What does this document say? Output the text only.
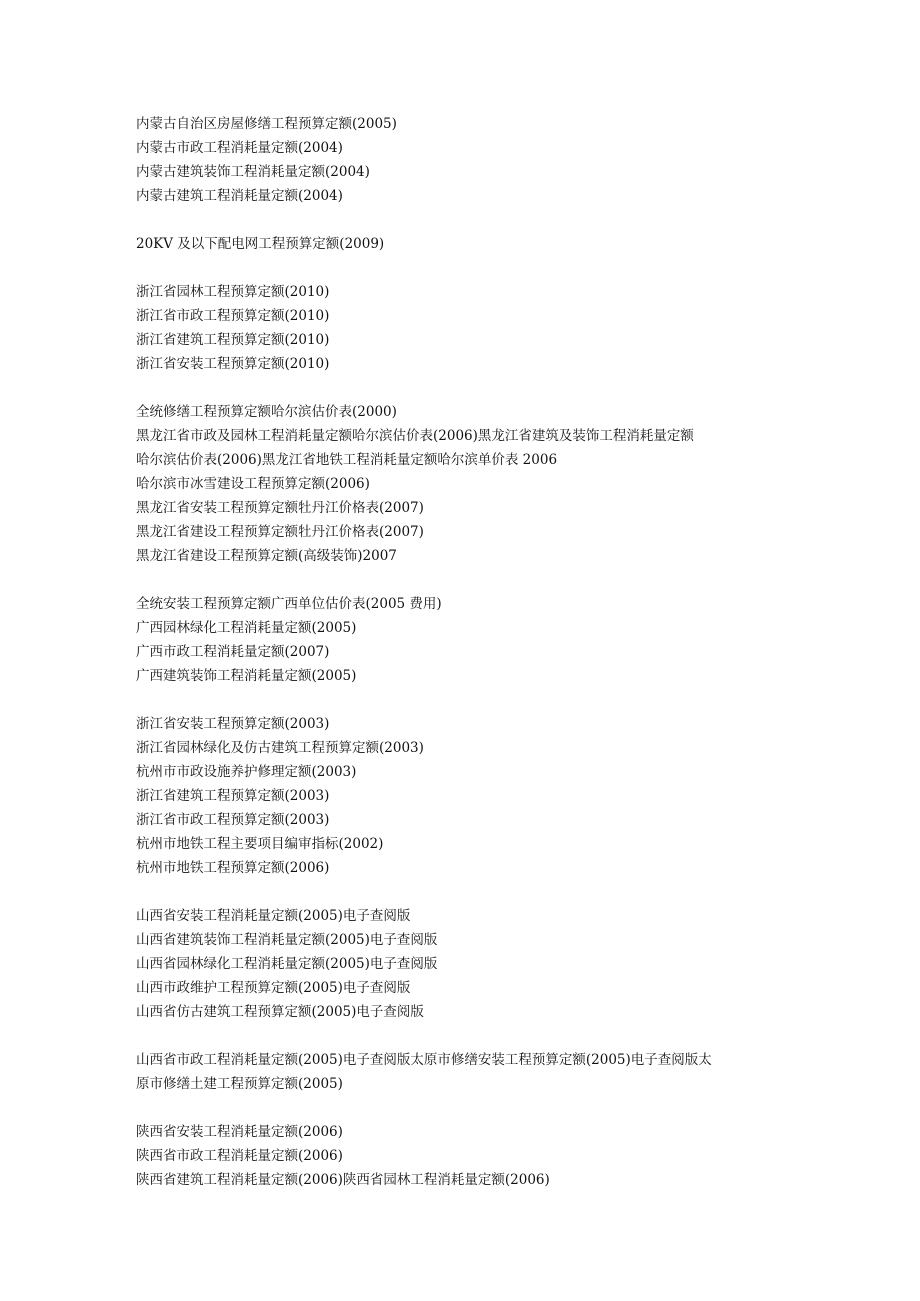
内蒙古自治区房屋修缮工程预算定额(2005)
内蒙古市政工程消耗量定额(2004)
内蒙古建筑装饰工程消耗量定额(2004)
内蒙古建筑工程消耗量定额(2004)
20KV 及以下配电网工程预算定额(2009)
浙江省园林工程预算定额(2010)
浙江省市政工程预算定额(2010)
浙江省建筑工程预算定额(2010)
浙江省安装工程预算定额(2010)
全统修缮工程预算定额哈尔滨估价表(2000)
黑龙江省市政及园林工程消耗量定额哈尔滨估价表(2006)黑龙江省建筑及装饰工程消耗量定额
哈尔滨估价表(2006)黑龙江省地铁工程消耗量定额哈尔滨单价表 2006
哈尔滨市冰雪建设工程预算定额(2006)
黑龙江省安装工程预算定额牡丹江价格表(2007)
黑龙江省建设工程预算定额牡丹江价格表(2007)
黑龙江省建设工程预算定额(高级装饰)2007
全统安装工程预算定额广西单位估价表(2005 费用)
广西园林绿化工程消耗量定额(2005)
广西市政工程消耗量定额(2007)
广西建筑装饰工程消耗量定额(2005)
浙江省安装工程预算定额(2003)
浙江省园林绿化及仿古建筑工程预算定额(2003)
杭州市市政设施养护修理定额(2003)
浙江省建筑工程预算定额(2003)
浙江省市政工程预算定额(2003)
杭州市地铁工程主要项目编审指标(2002)
杭州市地铁工程预算定额(2006)
山西省安装工程消耗量定额(2005)电子查阅版
山西省建筑装饰工程消耗量定额(2005)电子查阅版
山西省园林绿化工程消耗量定额(2005)电子查阅版
山西市政维护工程预算定额(2005)电子查阅版
山西省仿古建筑工程预算定额(2005)电子查阅版
山西省市政工程消耗量定额(2005)电子查阅版太原市修缮安装工程预算定额(2005)电子查阅版太
原市修缮土建工程预算定额(2005)
陕西省安装工程消耗量定额(2006)
陕西省市政工程消耗量定额(2006)
陕西省建筑工程消耗量定额(2006)陕西省园林工程消耗量定额(2006)
